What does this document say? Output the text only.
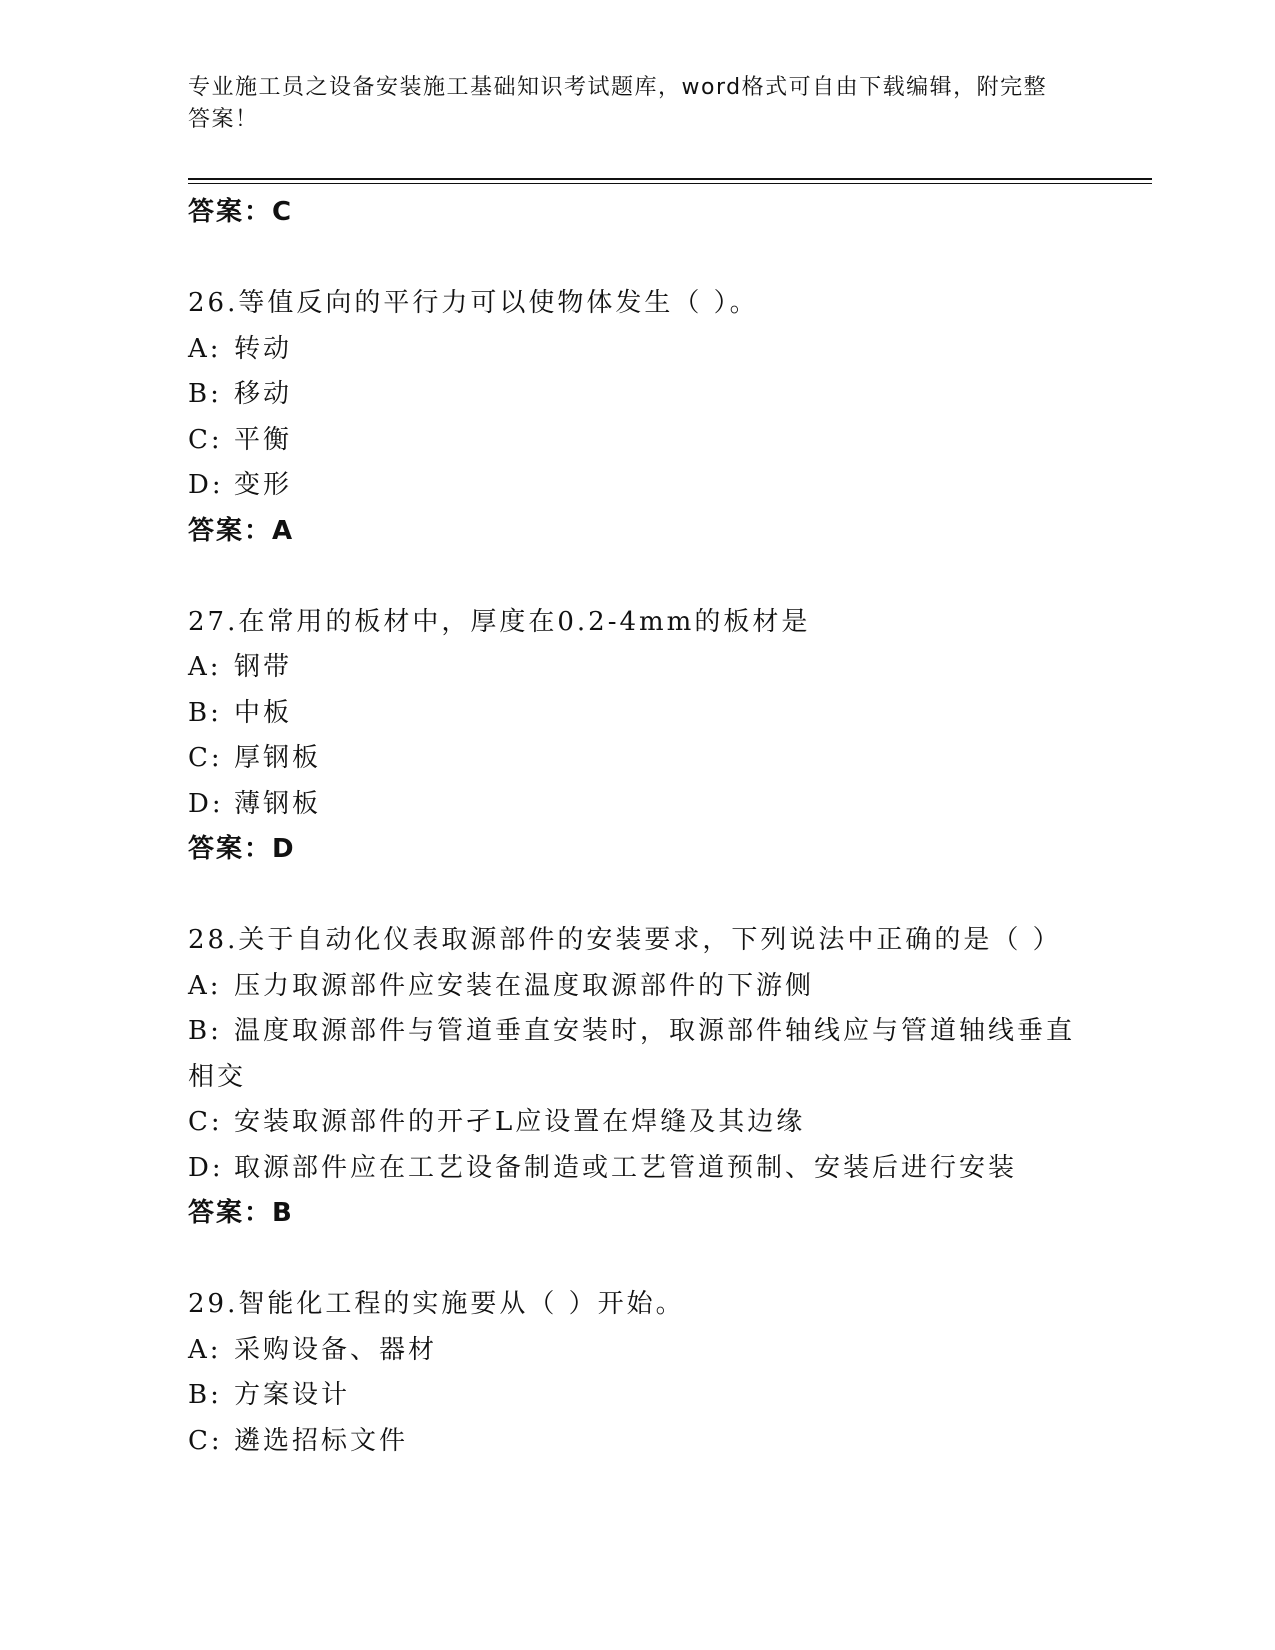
专业施工员之设备安装施工基础知识考试题库，word格式可自由下载编辑，附完整答案！
答案：C
26.等值反向的平行力可以使物体发生（ ）。
A: 转动
B: 移动
C: 平衡
D: 变形
答案：A
27.在常用的板材中，厚度在0.2-4mm的板材是
A: 钢带
B: 中板
C: 厚钢板
D: 薄钢板
答案：D
28.关于自动化仪表取源部件的安装要求，下列说法中正确的是（ ）
A: 压力取源部件应安装在温度取源部件的下游侧
B: 温度取源部件与管道垂直安装时，取源部件轴线应与管道轴线垂直相交
C: 安装取源部件的开孑L应设置在焊缝及其边缘
D: 取源部件应在工艺设备制造或工艺管道预制、安装后进行安装
答案：B
29.智能化工程的实施要从（ ）开始。
A: 采购设备、器材
B: 方案设计
C: 遴选招标文件
